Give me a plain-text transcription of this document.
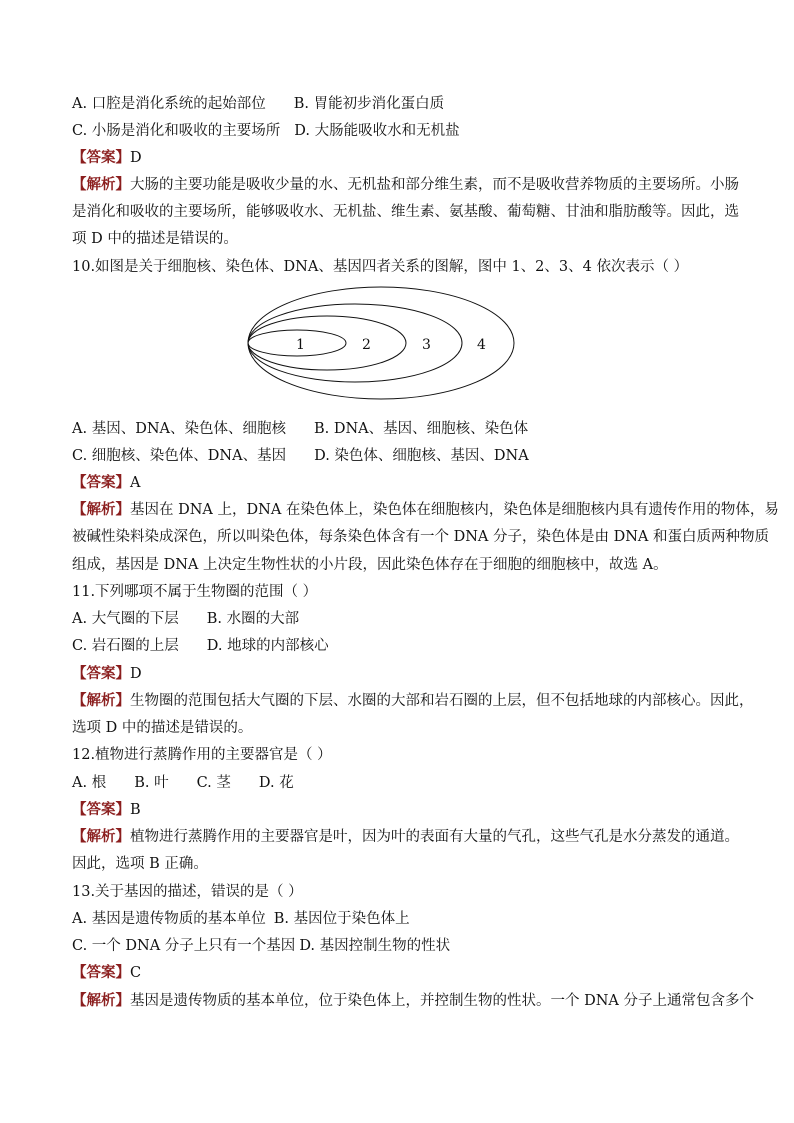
A. 口腔是消化系统的起始部位 B. 胃能初步消化蛋白质
C. 小肠是消化和吸收的主要场所 D. 大肠能吸收水和无机盐
【答案】D
【解析】大肠的主要功能是吸收少量的水、无机盐和部分维生素，而不是吸收营养物质的主要场所。小肠
是消化和吸收的主要场所，能够吸收水、无机盐、维生素、氨基酸、葡萄糖、甘油和脂肪酸等。因此，选
项 D 中的描述是错误的。
10.如图是关于细胞核、染色体、DNA、基因四者关系的图解，图中 1、2、3、4 依次表示（ ）
1	2	3	4
A. 基因、DNA、染色体、细胞核 B. DNA、基因、细胞核、染色体
C. 细胞核、染色体、DNA、基因 D. 染色体、细胞核、基因、DNA
【答案】A
【解析】基因在 DNA 上，DNA 在染色体上，染色体在细胞核内，染色体是细胞核内具有遗传作用的物体，易
被碱性染料染成深色，所以叫染色体，每条染色体含有一个 DNA 分子，染色体是由 DNA 和蛋白质两种物质
组成，基因是 DNA 上决定生物性状的小片段，因此染色体存在于细胞的细胞核中，故选 A。
11.下列哪项不属于生物圈的范围（ ）
A. 大气圈的下层 B. 水圈的大部
C. 岩石圈的上层 D. 地球的内部核心
【答案】D
【解析】生物圈的范围包括大气圈的下层、水圈的大部和岩石圈的上层，但不包括地球的内部核心。因此，
选项 D 中的描述是错误的。
12.植物进行蒸腾作用的主要器官是（ ）
A. 根 B. 叶 C. 茎 D. 花
【答案】B
【解析】植物进行蒸腾作用的主要器官是叶，因为叶的表面有大量的气孔，这些气孔是水分蒸发的通道。
因此，选项 B 正确。
13.关于基因的描述，错误的是（ ）
A. 基因是遗传物质的基本单位 B. 基因位于染色体上
C. 一个 DNA 分子上只有一个基因 D. 基因控制生物的性状
【答案】C
【解析】基因是遗传物质的基本单位，位于染色体上，并控制生物的性状。一个 DNA 分子上通常包含多个
